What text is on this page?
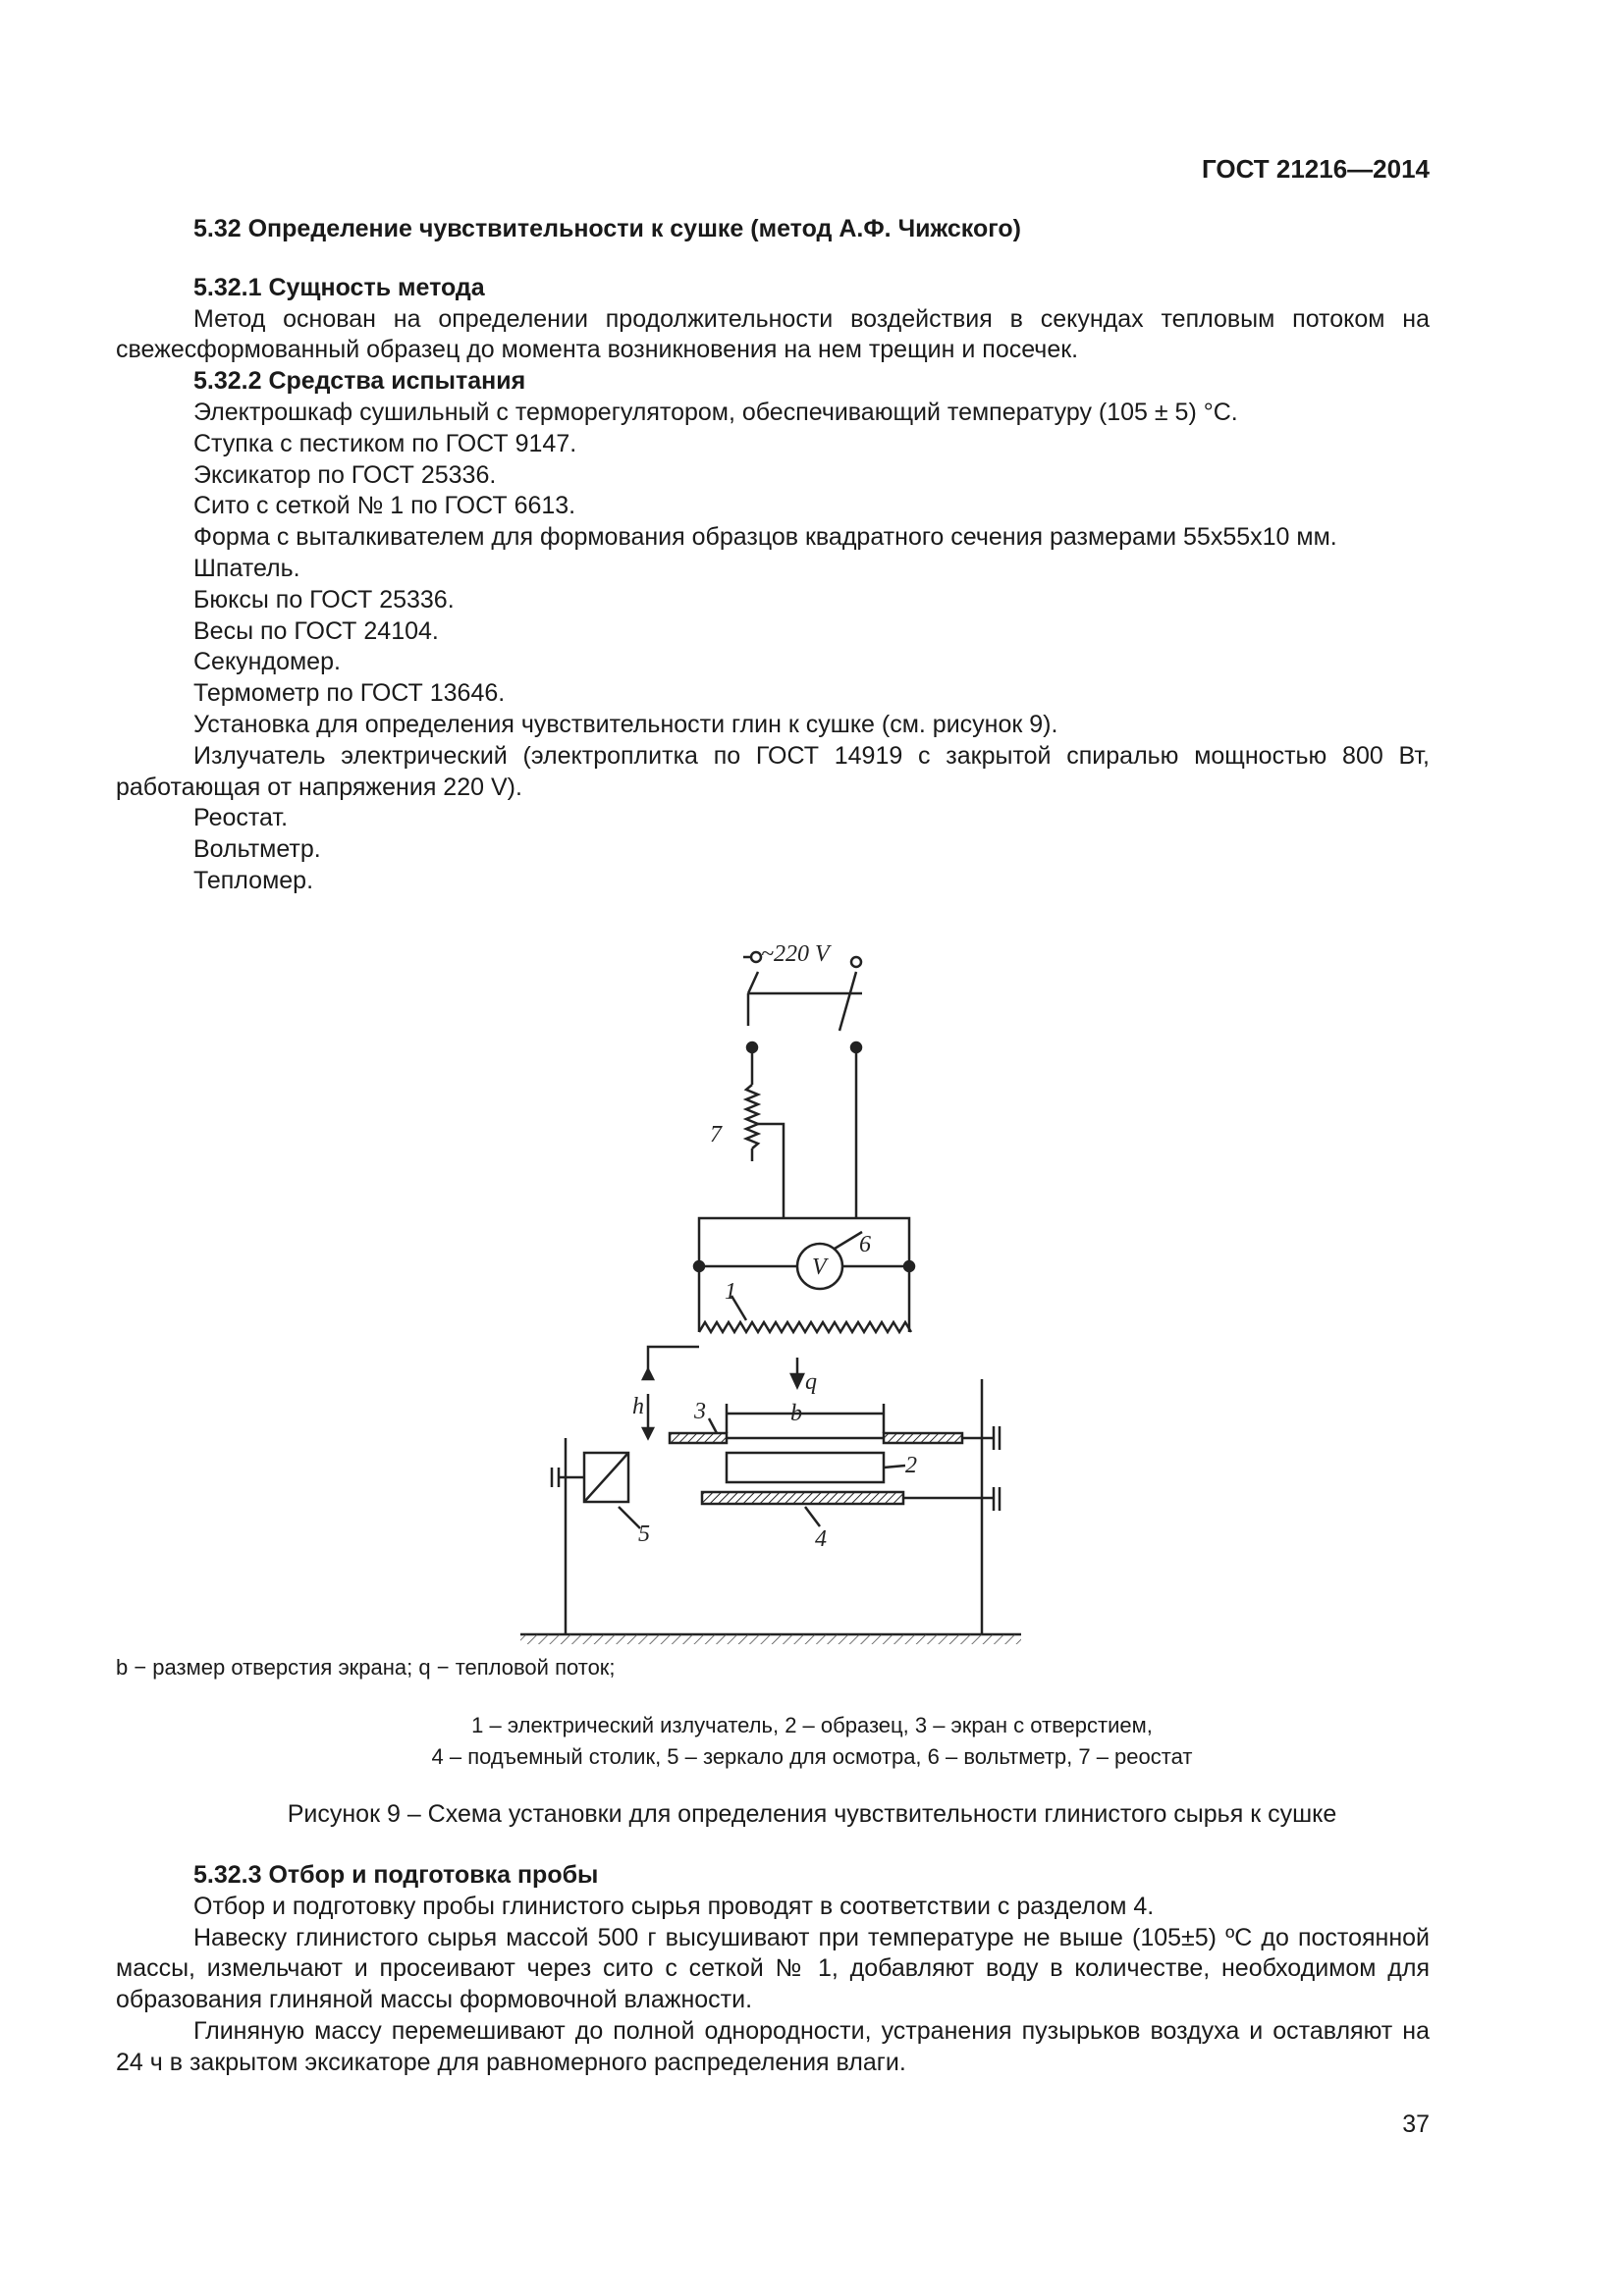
ГОСТ 21216—2014

5.32 Определение чувствительности к сушке (метод А.Ф. Чижского)

5.32.1 Сущность метода

Метод основан на определении продолжительности воздействия в секундах тепловым потоком на свежесформованный образец до момента возникновения на нем трещин и посечек.

5.32.2 Средства испытания

Электрошкаф сушильный с терморегулятором, обеспечивающий температуру (105 ± 5) °С.

Ступка с пестиком по ГОСТ 9147.

Эксикатор по ГОСТ 25336.

Сито с сеткой № 1 по ГОСТ 6613.

Форма с выталкивателем для формования образцов квадратного сечения размерами 55х55х10 мм.

Шпатель.

Бюксы по ГОСТ 25336.

Весы по ГОСТ 24104.

Секундомер.

Термометр по ГОСТ 13646.

Установка для определения чувствительности глин к сушке (см. рисунок 9).

Излучатель электрический (электроплитка по ГОСТ 14919 с закрытой спиралью мощностью 800 Вт, работающая от напряжения 220 V).

Реостат.

Вольтметр.

Тепломер.

~220 V
V
7
6
1
q
h 3	b
2
4
5
b − размер отверстия экрана; q − тепловой поток;
1 – электрический излучатель, 2 – образец, 3 – экран с отверстием,
4 – подъемный столик, 5 – зеркало для осмотра, 6 – вольтметр, 7 – реостат
Рисунок 9 – Схема установки для определения чувствительности глинистого сырья к сушке

5.32.3 Отбор и подготовка пробы

Отбор и подготовку пробы глинистого сырья проводят в соответствии с разделом 4.

Навеску глинистого сырья массой 500 г высушивают при температуре не выше (105±5) ºС до постоянной массы, измельчают и просеивают через сито с сеткой № 1, добавляют воду в количестве, необходимом для образования глиняной массы формовочной влажности.

Глиняную массу перемешивают до полной однородности, устранения пузырьков воздуха и оставляют на 24 ч в закрытом эксикаторе для равномерного распределения влаги.

37
